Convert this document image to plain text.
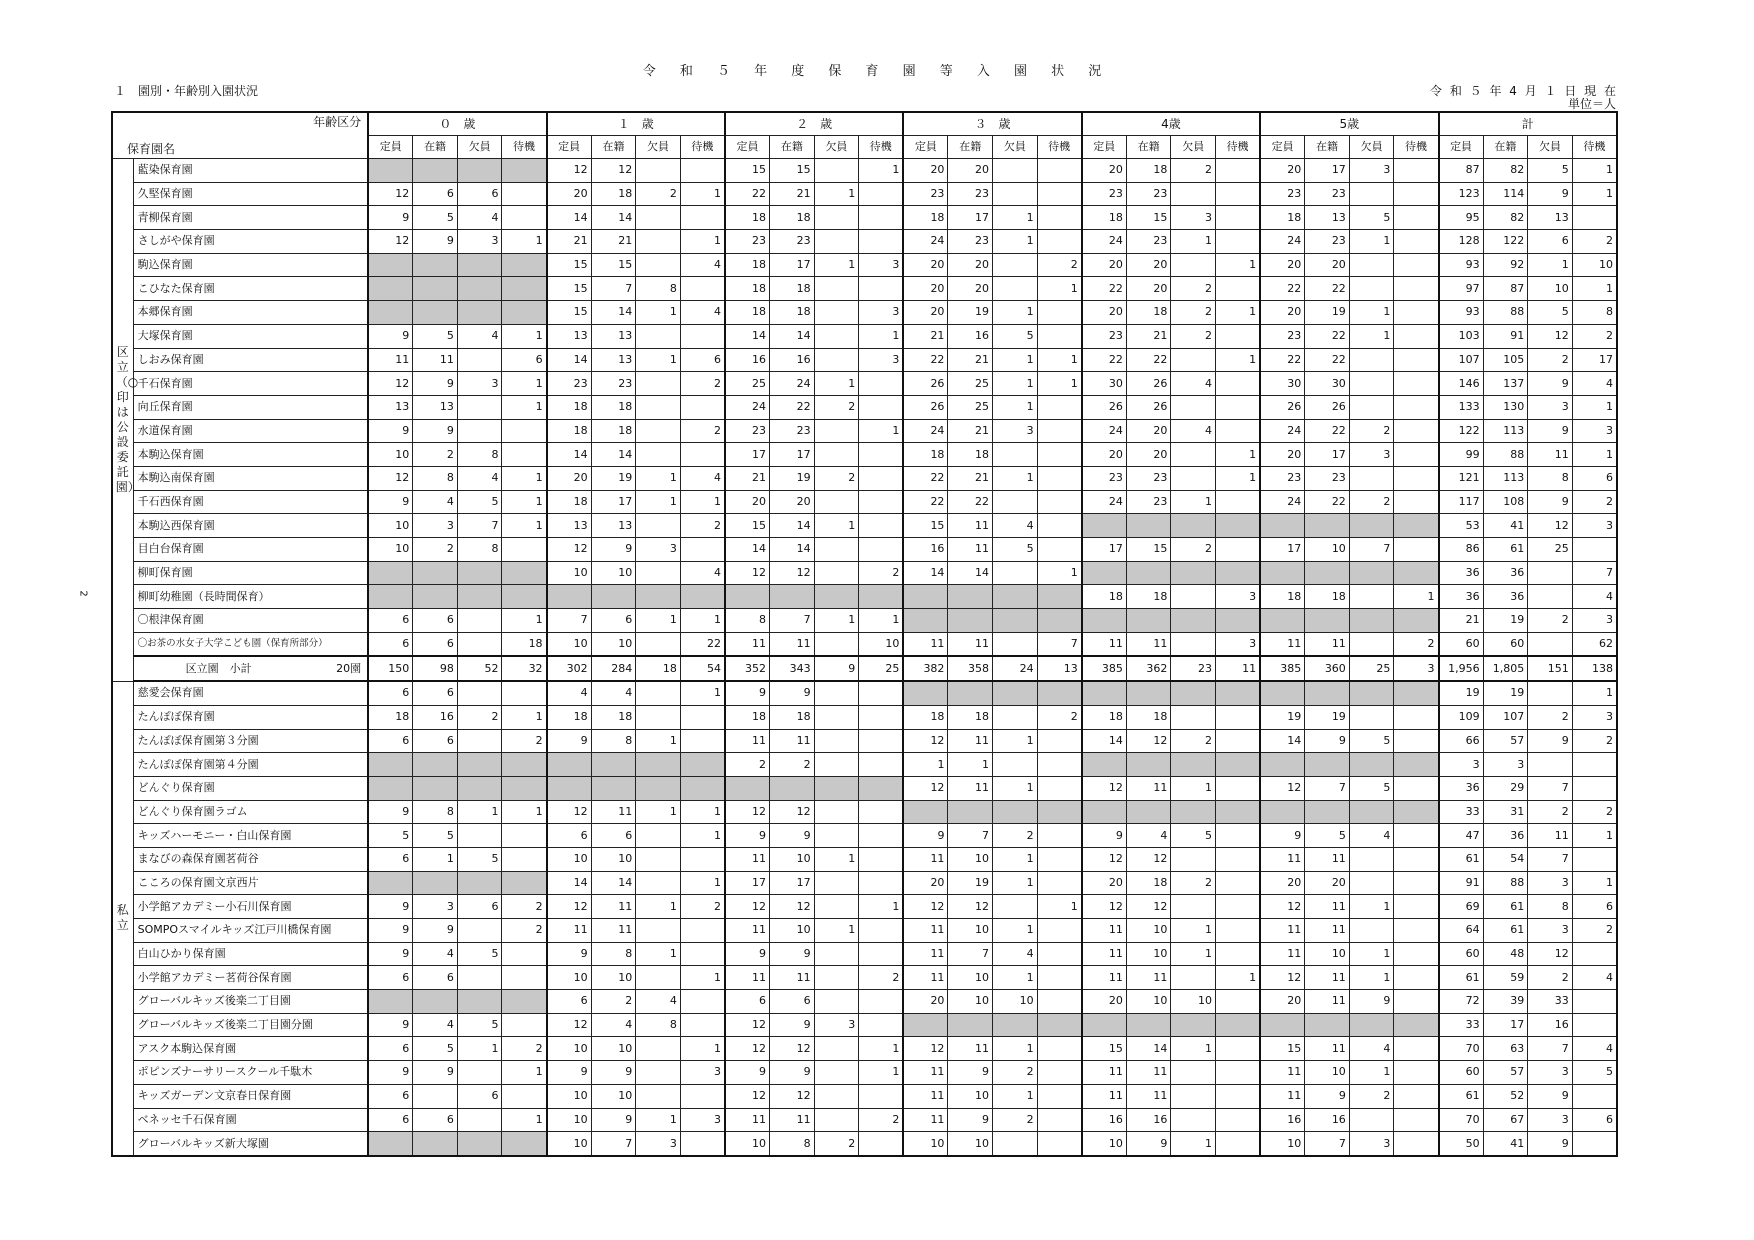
令 和 ５ 年 度 保 育 園 等 入 園 状 況
１　園別・年齢別入園状況	令 和 ５ 年 4 月 １ 日 現 在
単位＝人
2
年齢区分
保育園名		０　歳				１　歳				２　歳				３　歳				4歳				5歳				計			
		定員	在籍	欠員	待機	定員	在籍	欠員	待機	定員	在籍	欠員	待機	定員	在籍	欠員	待機	定員	在籍	欠員	待機	定員	在籍	欠員	待機	定員	在籍	欠員	待機
区立（○印は公設委託園）	藍染保育園					12	12			15	15		1	20	20			20	18	2		20	17	3		87	82	5	1
	久堅保育園	12	6	6		20	18	2	1	22	21	1		23	23			23	23			23	23			123	114	9	1
	青柳保育園	9	5	4		14	14			18	18			18	17	1		18	15	3		18	13	5		95	82	13	
	さしがや保育園	12	9	3	1	21	21		1	23	23			24	23	1		24	23	1		24	23	1		128	122	6	2
	駒込保育園					15	15		4	18	17	1	3	20	20		2	20	20		1	20	20			93	92	1	10
	こひなた保育園					15	7	8		18	18			20	20		1	22	20	2		22	22			97	87	10	1
	本郷保育園					15	14	1	4	18	18		3	20	19	1		20	18	2	1	20	19	1		93	88	5	8
	大塚保育園	9	5	4	1	13	13			14	14		1	21	16	5		23	21	2		23	22	1		103	91	12	2
	しおみ保育園	11	11		6	14	13	1	6	16	16		3	22	21	1	1	22	22		1	22	22			107	105	2	17
	千石保育園	12	9	3	1	23	23		2	25	24	1		26	25	1	1	30	26	4		30	30			146	137	9	4
	向丘保育園	13	13		1	18	18			24	22	2		26	25	1		26	26			26	26			133	130	3	1
	水道保育園	9	9			18	18		2	23	23		1	24	21	3		24	20	4		24	22	2		122	113	9	3
	本駒込保育園	10	2	8		14	14			17	17			18	18			20	20		1	20	17	3		99	88	11	1
	本駒込南保育園	12	8	4	1	20	19	1	4	21	19	2		22	21	1		23	23		1	23	23			121	113	8	6
	千石西保育園	9	4	5	1	18	17	1	1	20	20			22	22			24	23	1		24	22	2		117	108	9	2
	本駒込西保育園	10	3	7	1	13	13		2	15	14	1		15	11	4										53	41	12	3
	目白台保育園	10	2	8		12	9	3		14	14			16	11	5		17	15	2		17	10	7		86	61	25	
	柳町保育園					10	10		4	12	12		2	14	14		1									36	36		7
	柳町幼稚園（長時間保育）																	18	18		3	18	18		1	36	36		4
	〇根津保育園	6	6		1	7	6	1	1	8	7	1	1													21	19	2	3
	〇お茶の水女子大学こども園（保育所部分）	6	6		18	10	10		22	11	11		10	11	11		7	11	11		3	11	11		2	60	60		62

	区立園　小計 20園	150	98	52	32	302	284	18	54	352	343	9	25	382	358	24	13	385	362	23	11	385	360	25	3	1,956	1,805	151	138
私立	慈愛会保育園	6	6			4	4		1	9	9															19	19		1
	たんぽぽ保育園	18	16	2	1	18	18			18	18			18	18		2	18	18			19	19			109	107	2	3
	たんぽぽ保育園第３分園	6	6		2	9	8	1		11	11			12	11	1		14	12	2		14	9	5		66	57	9	2
	たんぽぽ保育園第４分園									2	2			1	1											3	3		
	どんぐり保育園													12	11	1		12	11	1		12	7	5		36	29	7	
	どんぐり保育園ラゴム	9	8	1	1	12	11	1	1	12	12															33	31	2	2
	キッズハーモニー・白山保育園	5	5			6	6		1	9	9			9	7	2		9	4	5		9	5	4		47	36	11	1
	まなびの森保育園茗荷谷	6	1	5		10	10			11	10	1		11	10	1		12	12			11	11			61	54	7	
	こころの保育園文京西片					14	14		1	17	17			20	19	1		20	18	2		20	20			91	88	3	1
	小学館アカデミー小石川保育園	9	3	6	2	12	11	1	2	12	12		1	12	12		1	12	12			12	11	1		69	61	8	6
	SOMPOスマイルキッズ江戸川橋保育園	9	9		2	11	11			11	10	1		11	10	1		11	10	1		11	11			64	61	3	2
	白山ひかり保育園	9	4	5		9	8	1		9	9			11	7	4		11	10	1		11	10	1		60	48	12	
	小学館アカデミー茗荷谷保育園	6	6			10	10		1	11	11		2	11	10	1		11	11		1	12	11	1		61	59	2	4
	グローバルキッズ後楽二丁目園					6	2	4		6	6			20	10	10		20	10	10		20	11	9		72	39	33	
	グローバルキッズ後楽二丁目園分園	9	4	5		12	4	8		12	9	3														33	17	16	
	アスク本駒込保育園	6	5	1	2	10	10		1	12	12		1	12	11	1		15	14	1		15	11	4		70	63	7	4
	ポピンズナーサリースクール千駄木	9	9		1	9	9		3	9	9		1	11	9	2		11	11			11	10	1		60	57	3	5
	キッズガーデン文京春日保育園	6		6		10	10			12	12			11	10	1		11	11			11	9	2		61	52	9	
	ベネッセ千石保育園	6	6		1	10	9	1	3	11	11		2	11	9	2		16	16			16	16			70	67	3	6
	グローバルキッズ新大塚園					10	7	3		10	8	2		10	10			10	9	1		10	7	3		50	41	9	
